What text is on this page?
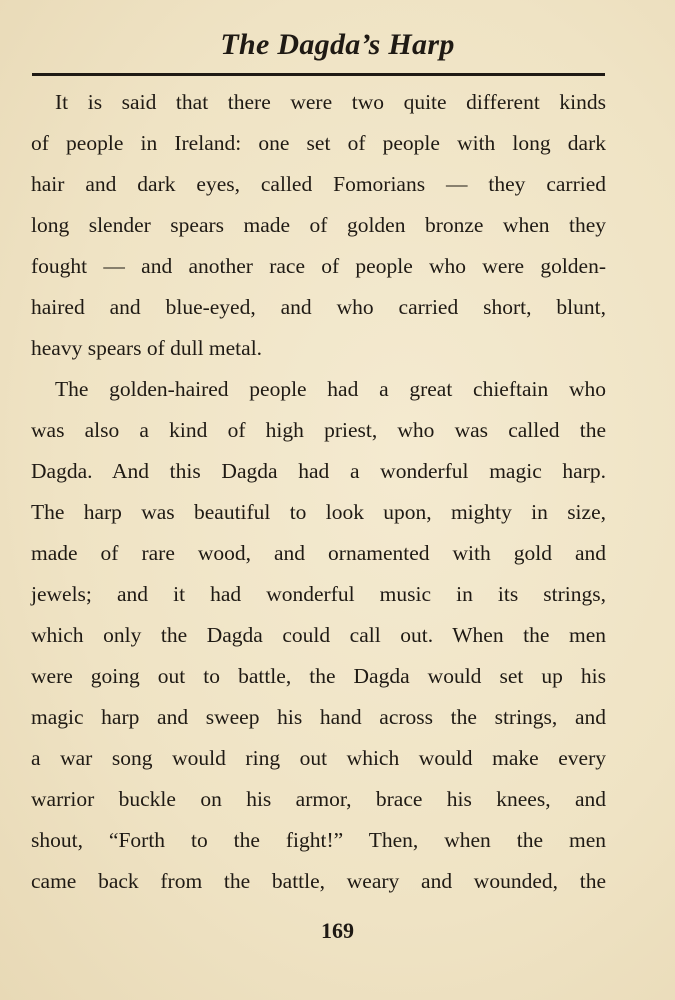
The Dagda’s Harp
It is said that there were two quite different kinds
of people in Ireland: one set of people with long dark
hair and dark eyes, called Fomorians — they carried
long slender spears made of golden bronze when they
fought — and another race of people who were golden-
haired and blue-eyed, and who carried short, blunt,
heavy spears of dull metal.
The golden-haired people had a great chieftain who
was also a kind of high priest, who was called the
Dagda. And this Dagda had a wonderful magic harp.
The harp was beautiful to look upon, mighty in size,
made of rare wood, and ornamented with gold and
jewels; and it had wonderful music in its strings,
which only the Dagda could call out. When the men
were going out to battle, the Dagda would set up his
magic harp and sweep his hand across the strings, and
a war song would ring out which would make every
warrior buckle on his armor, brace his knees, and
shout, “Forth to the fight!” Then, when the men
came back from the battle, weary and wounded, the
169
